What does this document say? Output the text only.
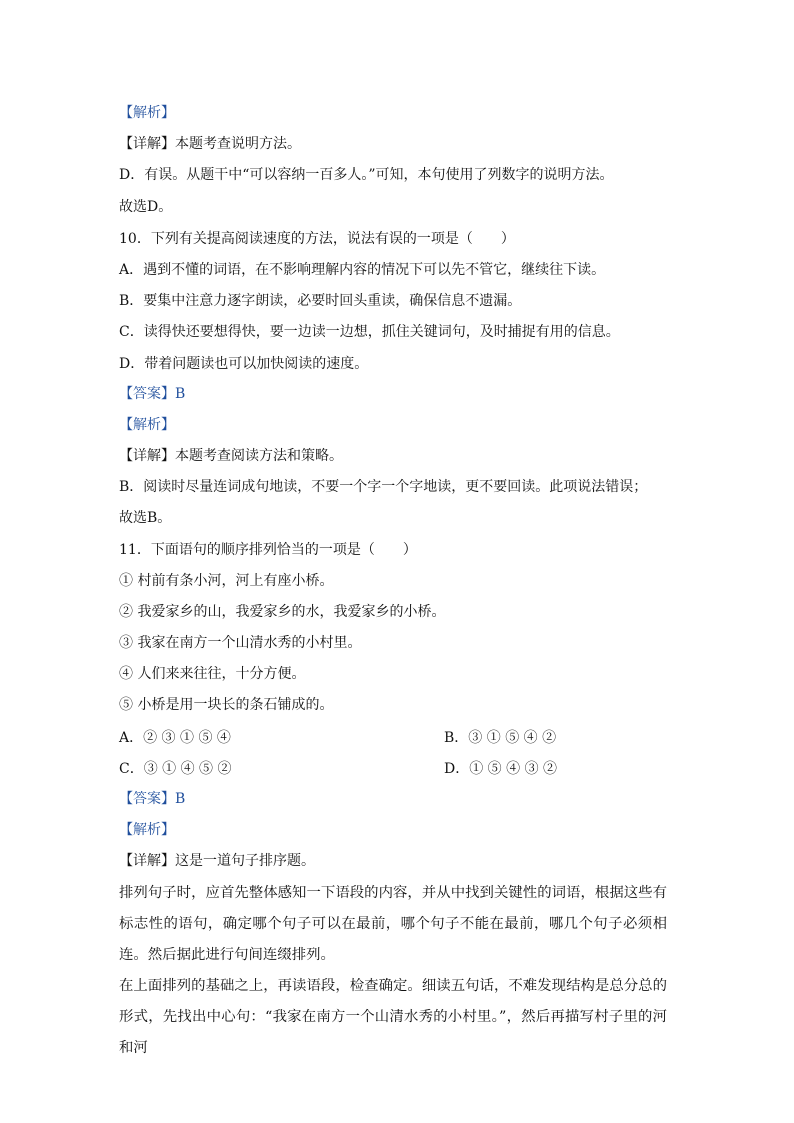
【解析】
【详解】本题考查说明方法。
D．有误。从题干中“可以容纳一百多人。”可知，本句使用了列数字的说明方法。
故选D。
10．下列有关提高阅读速度的方法，说法有误的一项是（　　）
A．遇到不懂的词语，在不影响理解内容的情况下可以先不管它，继续往下读。
B．要集中注意力逐字朗读，必要时回头重读，确保信息不遗漏。
C．读得快还要想得快，要一边读一边想，抓住关键词句，及时捕捉有用的信息。
D．带着问题读也可以加快阅读的速度。
【答案】B
【解析】
【详解】本题考查阅读方法和策略。
B．阅读时尽量连词成句地读，不要一个字一个字地读，更不要回读。此项说法错误；
故选B。
11．下面语句的顺序排列恰当的一项是（　　）
① 村前有条小河，河上有座小桥。
② 我爱家乡的山，我爱家乡的水，我爱家乡的小桥。
③ 我家在南方一个山清水秀的小村里。
④ 人们来来往往，十分方便。
⑤ 小桥是用一块长的条石铺成的。
A．② ③ ① ⑤ ④	B．③ ① ⑤ ④ ②
C．③ ① ④ ⑤ ②	D．① ⑤ ④ ③ ②
【答案】B
【解析】
【详解】这是一道句子排序题。
排列句子时，应首先整体感知一下语段的内容，并从中找到关键性的词语，根据这些有标志性的语句，确定哪个句子可以在最前，哪个句子不能在最前，哪几个句子必须相连。然后据此进行句间连缀排列。
在上面排列的基础之上，再读语段，检查确定。细读五句话，不难发现结构是总分总的形式，先找出中心句：“我家在南方一个山清水秀的小村里。”，然后再描写村子里的河和河
